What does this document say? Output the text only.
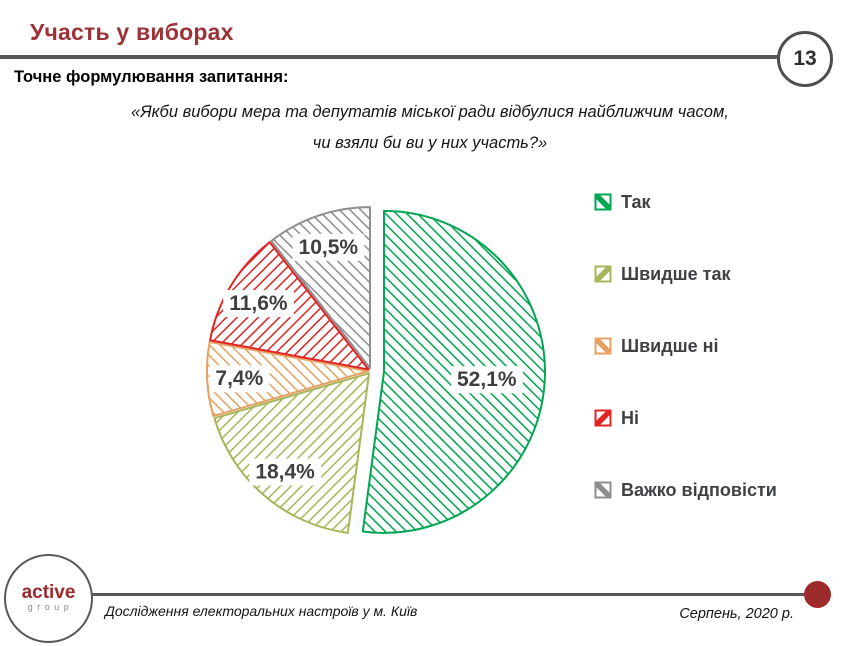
Участь у виборах
13
Точне формулювання запитання:
«Якби вибори мера та депутатів міської ради відбулися найближчим часом,
чи взяли би ви у них участь?»
52,1%
18,4%
7,4%
11,6%
10,5%
Так
Швидше так
Швидше ні
Ні
Важко відповісти
active
group Дослідження електоральних настроїв у м. Київ	Серпень, 2020 р.
